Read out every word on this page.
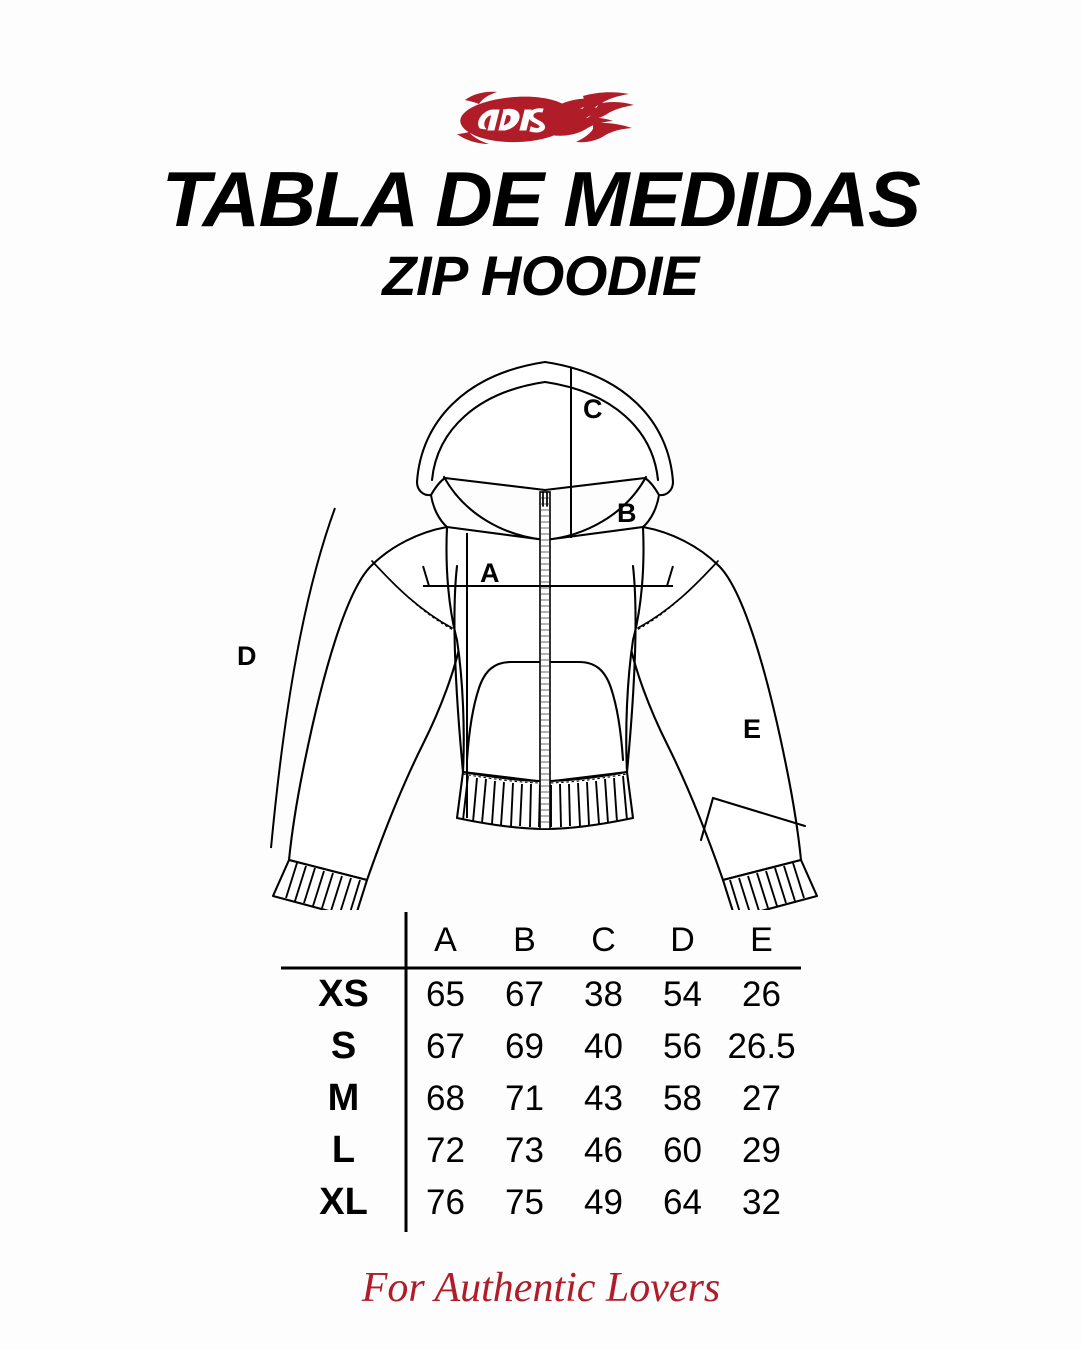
TABLA DE MEDIDAS
ZIP HOODIE
A
B
C
D
E
	A	B	C	D	E
XS	65	67	38	54	26
S	67	69	40	56	26.5
M	68	71	43	58	27
L	72	73	46	60	29
XL	76	75	49	64	32
For Authentic Lovers
